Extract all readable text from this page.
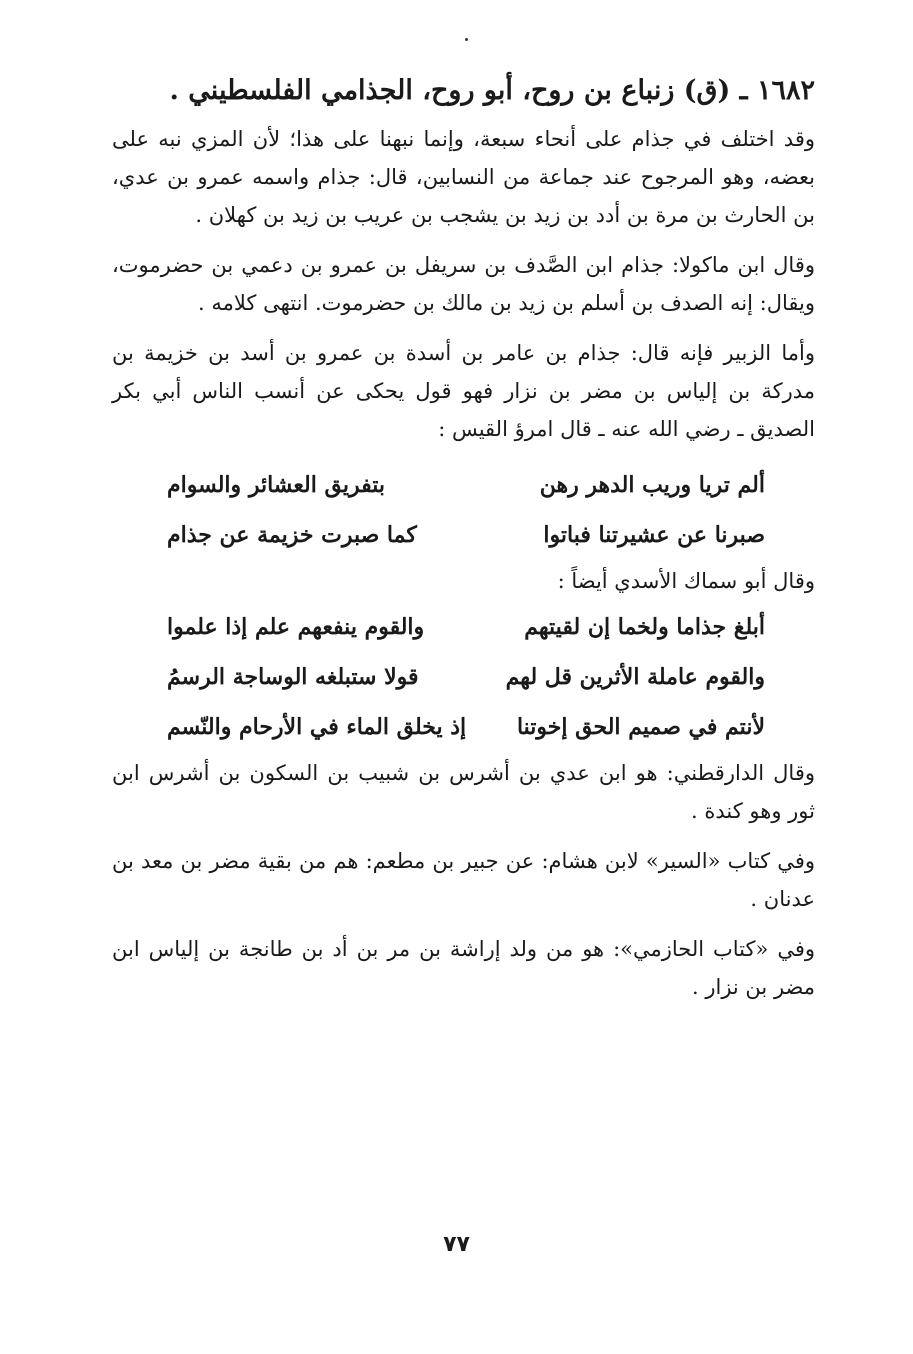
١٦٨٢ ـ (ق) زنباع بن روح، أبو روح، الجذامي الفلسطيني .
وقد اختلف في جذام على أنحاء سبعة، وإنما نبهنا على هذا؛ لأن المزي نبه على بعضه، وهو المرجوح عند جماعة من النسابين، قال: جذام واسمه عمرو بن عدي، بن الحارث بن مرة بن أدد بن زيد بن يشجب بن عريب بن زيد بن كهلان .
وقال ابن ماكولا: جذام ابن الصَّدف بن سريفل بن عمرو بن دعمي بن حضرموت، ويقال: إنه الصدف بن أسلم بن زيد بن مالك بن حضرموت. انتهى كلامه .
وأما الزبير فإنه قال: جذام بن عامر بن أسدة بن عمرو بن أسد بن خزيمة بن مدركة بن إلياس بن مضر بن نزار فهو قول يحكى عن أنسب الناس أبي بكر الصديق ـ رضي الله عنه ـ قال امرؤ القيس :
ألم تريا وريب الدهر رهن
بتفريق العشائر والسوام
صبرنا عن عشيرتنا فباتوا
كما صبرت خزيمة عن جذام
وقال أبو سماك الأسدي أيضاً :
أبلغ جذاما ولخما إن لقيتهم
والقوم ينفعهم علم إذا علموا
والقوم عاملة الأثرين قل لهم
قولا ستبلغه الوساجة الرسمُ
لأنتم في صميم الحق إخوتنا
إذ يخلق الماء في الأرحام والنّسم
وقال الدارقطني: هو ابن عدي بن أشرس بن شبيب بن السكون بن أشرس ابن ثور وهو كندة .
وفي كتاب «السير» لابن هشام: عن جبير بن مطعم: هم من بقية مضر بن معد بن عدنان .
وفي «كتاب الحازمي»: هو من ولد إراشة بن مر بن أد بن طانجة بن إلياس ابن مضر بن نزار .
٧٧
